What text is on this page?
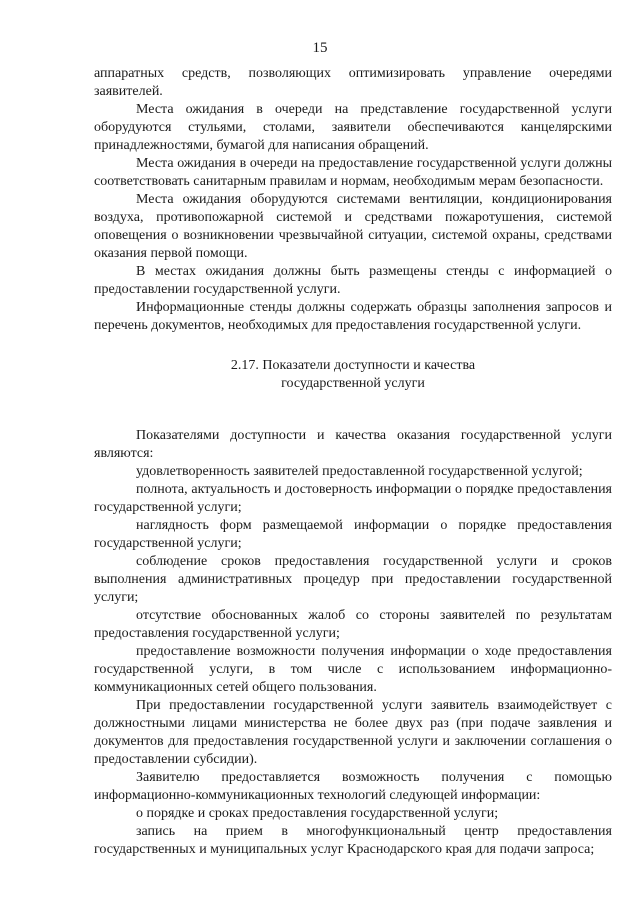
15

аппаратных средств, позволяющих оптимизировать управление очередями заявителей.

Места ожидания в очереди на представление государственной услуги оборудуются стульями, столами, заявители обеспечиваются канцелярскими принадлежностями, бумагой для написания обращений.

Места ожидания в очереди на предоставление государственной услуги должны соответствовать санитарным правилам и нормам, необходимым мерам безопасности.

Места ожидания оборудуются системами вентиляции, кондиционирования воздуха, противопожарной системой и средствами пожаротушения, системой оповещения о возникновении чрезвычайной ситуации, системой охраны, средствами оказания первой помощи.

В местах ожидания должны быть размещены стенды с информацией о предоставлении государственной услуги.

Информационные стенды должны содержать образцы заполнения запросов и перечень документов, необходимых для предоставления государственной услуги.

2.17. Показатели доступности и качества
государственной услуги

Показателями доступности и качества оказания государственной услуги являются:

удовлетворенность заявителей предоставленной государственной услугой;

полнота, актуальность и достоверность информации о порядке предоставления государственной услуги;

наглядность форм размещаемой информации о порядке предоставления государственной услуги;

соблюдение сроков предоставления государственной услуги и сроков выполнения административных процедур при предоставлении государственной услуги;

отсутствие обоснованных жалоб со стороны заявителей по результатам предоставления государственной услуги;

предоставление возможности получения информации о ходе предоставления государственной услуги, в том числе с использованием информационно-коммуникационных сетей общего пользования.

При предоставлении государственной услуги заявитель взаимодействует с должностными лицами министерства не более двух раз (при подаче заявления и документов для предоставления государственной услуги и заключении соглашения о предоставлении субсидии).

Заявителю предоставляется возможность получения с помощью информационно-коммуникационных технологий следующей информации:

о порядке и сроках предоставления государственной услуги;

запись на прием в многофункциональный центр предоставления государственных и муниципальных услуг Краснодарского края для подачи запроса;
